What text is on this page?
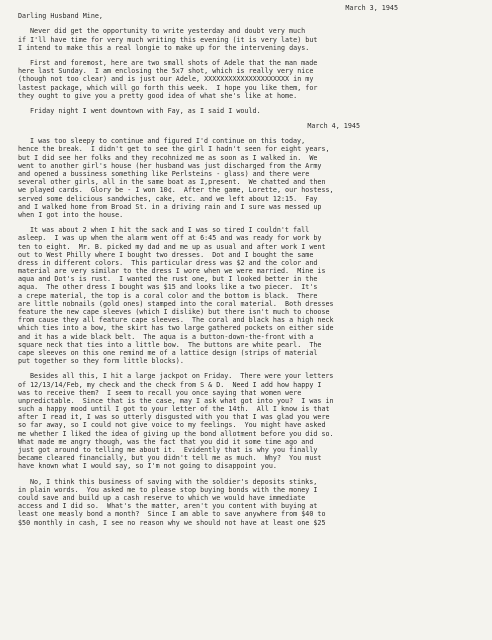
March 3, 1945
Darling Husband Mine,
Never did get the opportunity to write yesterday and doubt very much
if I'll have time for very much writing this evening (it is very late) but
I intend to make this a real longie to make up for the intervening days.
First and foremost, here are two small shots of Adele that the man made
here last Sunday.  I am enclosing the 5x7 shot, which is really very nice
(though not too clear) and is just our Adele, XXXXXXXXXXXXXXXXXXXXX in my
lastest package, which will go forth this week.  I hope you like them, for
they ought to give you a pretty good idea of what she's like at home.
Friday night I went downtown with Fay, as I said I would.
March 4, 1945
I was too sleepy to continue and figured I'd continue on this today,
hence the break.  I didn't get to see the girl I hadn't seen for eight years,
but I did see her folks and they recohnized me as soon as I walked in.  We
went to another girl's house (her husband was just discharged from the Army
and opened a bussiness something like Perlsteins - glass) and there were
several other girls, all in the same boat as I,present.  We chatted and then
we played cards.  Glory be - I won 10¢.  After the game, Lorette, our hostess,
served some delicious sandwiches, cake, etc. and we left about 12:15.  Fay
and I walked home from Broad St. in a driving rain and I sure was messed up
when I got into the house.
It was about 2 when I hit the sack and I was so tired I couldn't fall
asleep.  I was up when the alarm went off at 6:45 and was ready for work by
ten to eight.  Mr. B. picked my dad and me up as usual and after work I went
out to West Philly where I bought two dresses.  Dot and I bought the same
dress in different colors.  This particular dress was $2 and the color and
material are very similar to the dress I wore when we were married.  Mine is
aqua and Dot's is rust.  I wanted the rust one, but I looked better in the
aqua.  The other dress I bought was $15 and looks like a two piecer.  It's
a crepe material, the top is a coral color and the bottom is black.  There
are little nobnails (gold ones) stamped into the coral material.  Both dresses
feature the new cape sleeves (which I dislike) but there isn't much to choose
from cause they all feature cape sleeves.  The coral and black has a high neck
which ties into a bow, the skirt has two large gathered pockets on either side
and it has a wide black belt.  The aqua is a button-down-the-front with a
square neck that ties into a little bow.  The buttons are white pearl.  The
cape sleeves on this one remind me of a lattice design (strips of material
put together so they form little blocks).
Besides all this, I hit a large jackpot on Friday.  There were your letters
of 12/13/14/Feb, my check and the check from S & D.  Need I add how happy I
was to receive them?  I seem to recall you once saying that women were
unpredictable.  Since that is the case, may I ask what got into you?  I was in
such a happy mood until I got to your letter of the 14th.  All I know is that
after I read it, I was so utterly disgusted with you that I was glad you were
so far away, so I could not give voice to my feelings.  You might have asked
me whether I liked the idea of giving up the bond allotment before you did so.
What made me angry though, was the fact that you did it some time ago and
just got around to telling me about it.  Evidently that is why you finally
became cleared financially, but you didn't tell me as much.  Why?  You must
have known what I would say, so I'm not going to disappoint you.
No, I think this business of saving with the soldier's deposits stinks,
in plain words.  You asked me to please stop buying bonds with the money I
could save and build up a cash reserve to which we would have immediate
access and I did so.  What's the matter, aren't you content with buying at
least one measly bond a month?  Since I am able to save anywhere from $40 to
$50 monthly in cash, I see no reason why we should not have at least one $25
